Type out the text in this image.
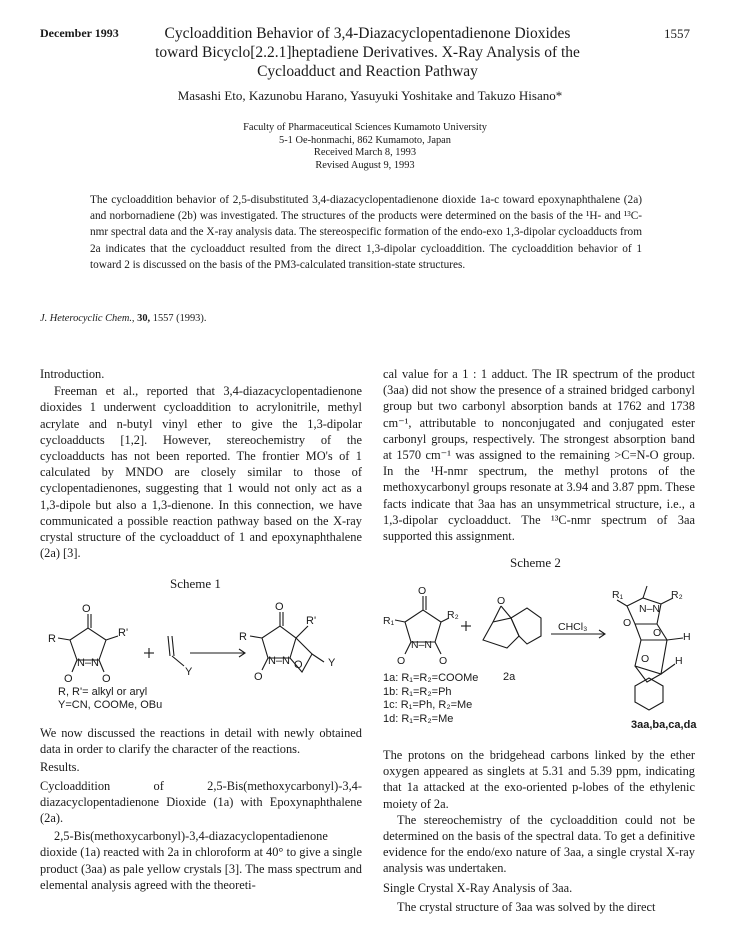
December 1993	1557
Cycloaddition Behavior of 3,4-Diazacyclopentadienone Dioxides
toward Bicyclo[2.2.1]heptadiene Derivatives. X-Ray Analysis of the
Cycloadduct and Reaction Pathway
Masashi Eto, Kazunobu Harano, Yasuyuki Yoshitake and Takuzo Hisano*
Faculty of Pharmaceutical Sciences Kumamoto University
5-1 Oe-honmachi, 862 Kumamoto, Japan
Received March 8, 1993
Revised August 9, 1993
The cycloaddition behavior of 2,5-disubstituted 3,4-diazacyclopentadienone dioxide 1a-c toward epoxynaphthalene (2a) and norbornadiene (2b) was investigated. The structures of the products were determined on the basis of the ¹H- and ¹³C-nmr spectral data and the X-ray analysis data. The stereospecific formation of the endo-exo 1,3-dipolar cycloadducts from 2a indicates that the cycloadduct resulted from the direct 1,3-dipolar cycloaddition. The cycloaddition behavior of 1 toward 2 is discussed on the basis of the PM3-calculated transition-state structures.
J. Heterocyclic Chem., 30, 1557 (1993).

Introduction.

Freeman et al., reported that 3,4-diazacyclopentadienone dioxides 1 underwent cycloaddition to acrylonitrile, methyl acrylate and n-butyl vinyl ether to give the 1,3-dipolar cycloadducts [1,2]. However, stereochemistry of the cycloadducts has not been reported. The frontier MO's of 1 calculated by MNDO are closely similar to those of cyclopentadienones, suggesting that 1 would not only act as a 1,3-dipole but also a 1,3-dienone. In this connection, we have communicated a possible reaction pathway based on the X-ray crystal structure of the cycloadduct of 1 and epoxynaphthalene (2a) [3].

Scheme 1
O
R	R'
N–N
O	O
Y
O
R
R'
N–N O
O
Y
R, R'= alkyl or aryl
Y=CN, COOMe, OBu

We now discussed the reactions in detail with newly obtained data in order to clarify the character of the reactions.

Results.

Cycloaddition of 2,5-Bis(methoxycarbonyl)-3,4-diazacyclopentadienone Dioxide (1a) with Epoxynaphthalene (2a).

2,5-Bis(methoxycarbonyl)-3,4-diazacyclopentadienone dioxide (1a) reacted with 2a in chloroform at 40° to give a single product (3aa) as pale yellow crystals [3]. The mass spectrum and elemental analysis agreed with the theoreti-

cal value for a 1 : 1 adduct. The IR spectrum of the product (3aa) did not show the presence of a strained bridged carbonyl group but two carbonyl absorption bands at 1762 and 1738 cm⁻¹, attributable to nonconjugated and conjugated ester carbonyl groups, respectively. The strongest absorption band at 1570 cm⁻¹ was assigned to the remaining >C=N-O group. In the ¹H-nmr spectrum, the methyl protons of the methoxycarbonyl groups resonate at 3.94 and 3.87 ppm. These facts indicate that 3aa has an unsymmetrical structure, i.e., a 1,3-dipolar cycloadduct. The ¹³C-nmr spectrum of 3aa supported this assignment.

Scheme 2
O
R₁	R₂
N–N
O	O
O	R₁	R₂
N–N
O
O H
H
O
CHCl₃
2a
3aa,ba,ca,da
1a: R₁=R₂=COOMe
1b: R₁=R₂=Ph
1c: R₁=Ph, R₂=Me
1d: R₁=R₂=Me

The protons on the bridgehead carbons linked by the ether oxygen appeared as singlets at 5.31 and 5.39 ppm, indicating that 1a attacked at the exo-oriented p-lobes of the ethylenic moiety of 2a.

The stereochemistry of the cycloaddition could not be determined on the basis of the spectral data. To get a definitive evidence for the endo/exo nature of 3aa, a single crystal X-ray analysis was undertaken.

Single Crystal X-Ray Analysis of 3aa.

The crystal structure of 3aa was solved by the direct
